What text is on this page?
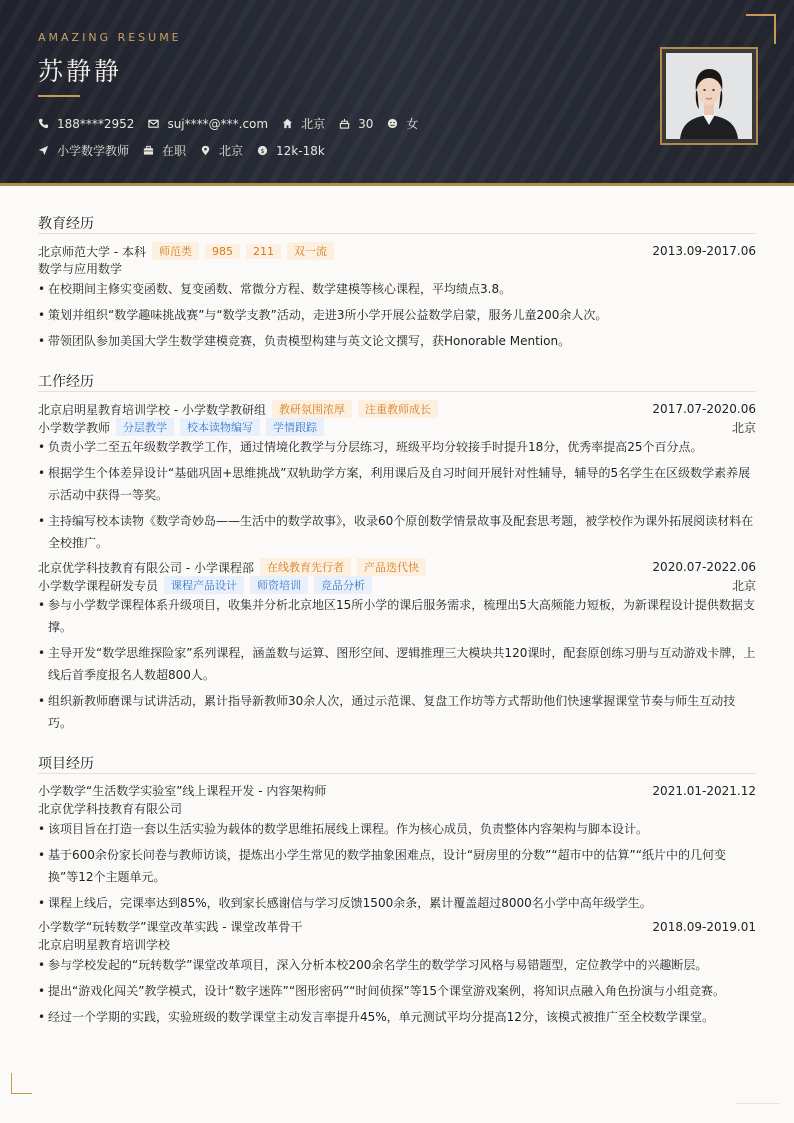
AMAZING RESUME
苏静静
188****2952	suj****@***.com	北京	30	女
小学数学教师	在职	北京 $ 12k-18k
教育经历
北京师范大学 - 本科	师范类	985	211	双一流	2013.09-2017.06
数学与应用数学
• 在校期间主修实变函数、复变函数、常微分方程、数学建模等核心课程，平均绩点3.8。
• 策划并组织“数学趣味挑战赛”与“数学支教”活动，走进3所小学开展公益数学启蒙，服务儿童200余人次。
• 带领团队参加美国大学生数学建模竞赛，负责模型构建与英文论文撰写，获Honorable Mention。
工作经历
北京启明星教育培训学校 - 小学数学教研组	教研氛围浓厚	注重教师成长	2017.07-2020.06
小学数学教师	分层教学	校本读物编写	学情跟踪	北京
• 负责小学二至五年级数学教学工作，通过情境化教学与分层练习，班级平均分较接手时提升18分，优秀率提高25个百分点。
• 根据学生个体差异设计“基础巩固+思维挑战”双轨助学方案，利用课后及自习时间开展针对性辅导，辅导的5名学生在区级数学素养展示活动中获得一等奖。
• 主持编写校本读物《数学奇妙岛——生活中的数学故事》，收录60个原创数学情景故事及配套思考题，被学校作为课外拓展阅读材料在全校推广。
北京优学科技教育有限公司 - 小学课程部	在线教育先行者	产品迭代快	2020.07-2022.06
小学数学课程研发专员	课程产品设计	师资培训	竞品分析	北京
• 参与小学数学课程体系升级项目，收集并分析北京地区15所小学的课后服务需求，梳理出5大高频能力短板，为新课程设计提供数据支撑。
• 主导开发“数学思维探险家”系列课程，涵盖数与运算、图形空间、逻辑推理三大模块共120课时，配套原创练习册与互动游戏卡牌，上线后首季度报名人数超800人。
• 组织新教师磨课与试讲活动，累计指导新教师30余人次，通过示范课、复盘工作坊等方式帮助他们快速掌握课堂节奏与师生互动技巧。
项目经历
小学数学“生活数学实验室”线上课程开发 - 内容架构师	2021.01-2021.12
北京优学科技教育有限公司
• 该项目旨在打造一套以生活实验为载体的数学思维拓展线上课程。作为核心成员，负责整体内容架构与脚本设计。
• 基于600余份家长问卷与教师访谈，提炼出小学生常见的数学抽象困难点，设计“厨房里的分数”“超市中的估算”“纸片中的几何变换”等12个主题单元。
• 课程上线后，完课率达到85%，收到家长感谢信与学习反馈1500余条，累计覆盖超过8000名小学中高年级学生。
小学数学“玩转数学”课堂改革实践 - 课堂改革骨干	2018.09-2019.01
北京启明星教育培训学校
• 参与学校发起的“玩转数学”课堂改革项目，深入分析本校200余名学生的数学学习风格与易错题型，定位教学中的兴趣断层。
• 提出“游戏化闯关”教学模式，设计“数字迷阵”“图形密码”“时间侦探”等15个课堂游戏案例，将知识点融入角色扮演与小组竞赛。
• 经过一个学期的实践，实验班级的数学课堂主动发言率提升45%，单元测试平均分提高12分，该模式被推广至全校数学课堂。
